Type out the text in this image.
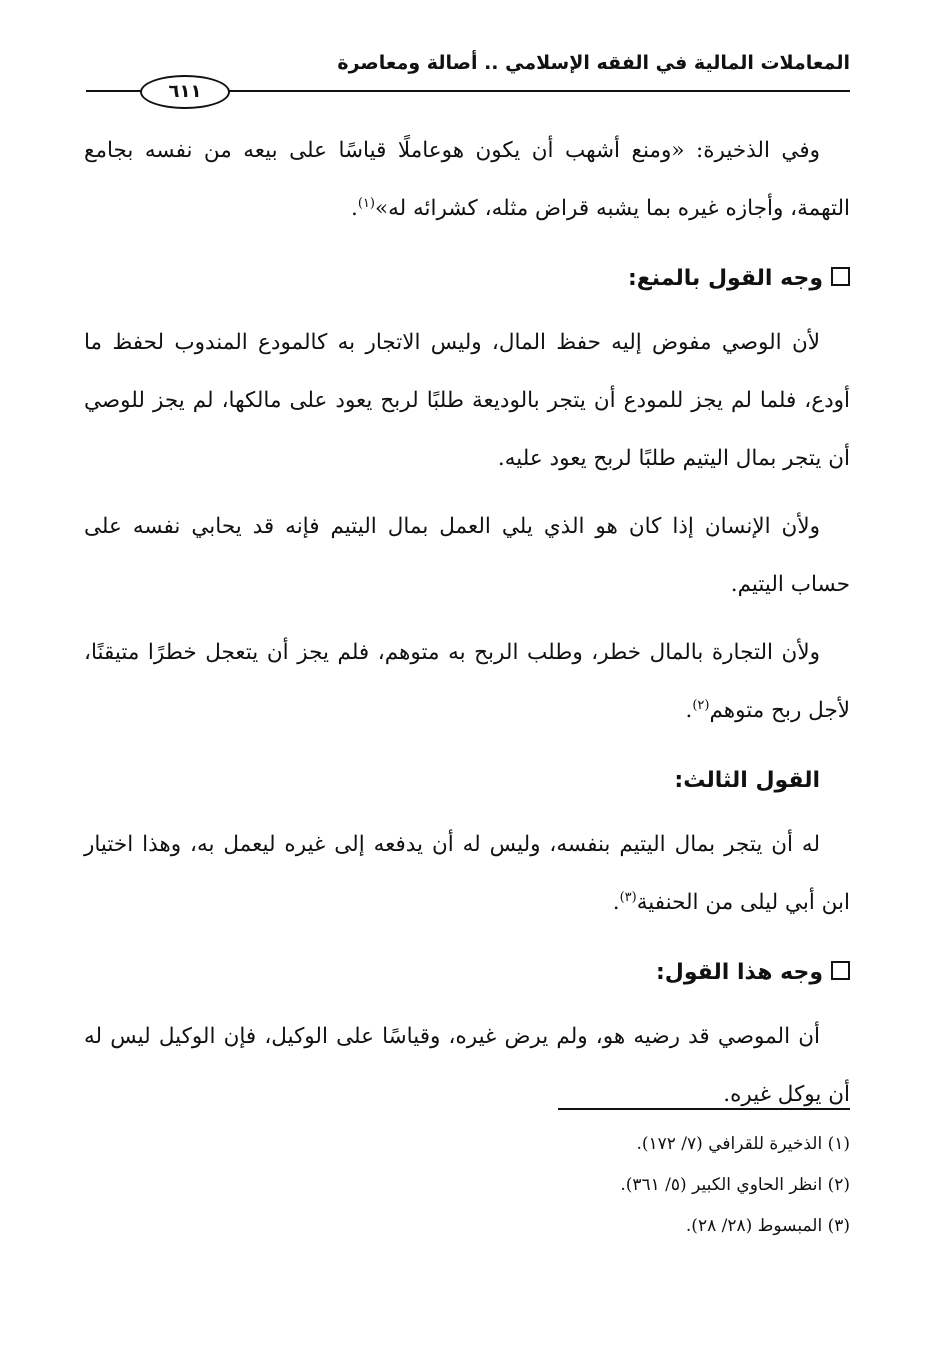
المعاملات المالية في الفقه الإسلامي .. أصالة ومعاصرة
٦١١

وفي الذخيرة: «ومنع أشهب أن يكون هوعاملًا قياسًا على بيعه من نفسه بجامع التهمة، وأجازه غيره بما يشبه قراض مثله، كشرائه له»$^{(١)}$.

وجه القول بالمنع:

لأن الوصي مفوض إليه حفظ المال، وليس الاتجار به كالمودع المندوب لحفظ ما أودع، فلما لم يجز للمودع أن يتجر بالوديعة طلبًا لربح يعود على مالكها، لم يجز للوصي أن يتجر بمال اليتيم طلبًا لربح يعود عليه.

ولأن الإنسان إذا كان هو الذي يلي العمل بمال اليتيم فإنه قد يحابي نفسه على حساب اليتيم.

ولأن التجارة بالمال خطر، وطلب الربح به متوهم، فلم يجز أن يتعجل خطرًا متيقنًا، لأجل ربح متوهم$^{(٢)}$.

القول الثالث:

له أن يتجر بمال اليتيم بنفسه، وليس له أن يدفعه إلى غيره ليعمل به، وهذا اختيار ابن أبي ليلى من الحنفية$^{(٣)}$.

وجه هذا القول:

أن الموصي قد رضيه هو، ولم يرض غيره، وقياسًا على الوكيل، فإن الوكيل ليس له أن يوكل غيره.

(١) الذخيرة للقرافي (٧/ ١٧٢).

(٢) انظر الحاوي الكبير (٥/ ٣٦١).

(٣) المبسوط (٢٨/ ٢٨).
